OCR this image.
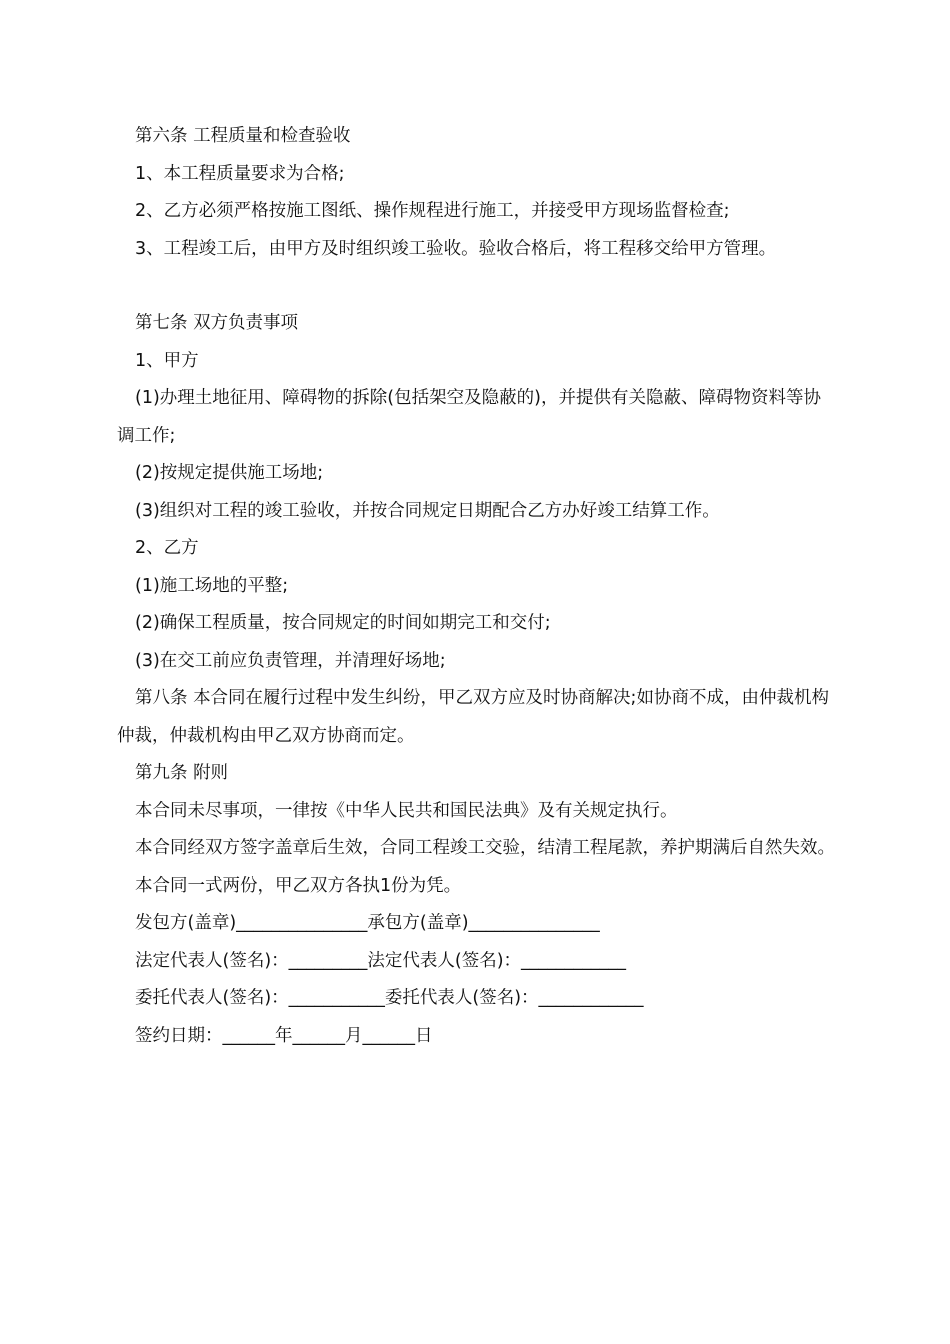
第六条 工程质量和检查验收

1、本工程质量要求为合格;

2、乙方必须严格按施工图纸、操作规程进行施工，并接受甲方现场监督检查;

3、工程竣工后，由甲方及时组织竣工验收。验收合格后，将工程移交给甲方管理。

第七条 双方负责事项

1、甲方

(1)办理土地征用、障碍物的拆除(包括架空及隐蔽的)，并提供有关隐蔽、障碍物资料等协调工作;

(2)按规定提供施工场地;

(3)组织对工程的竣工验收，并按合同规定日期配合乙方办好竣工结算工作。

2、乙方

(1)施工场地的平整;

(2)确保工程质量，按合同规定的时间如期完工和交付;

(3)在交工前应负责管理，并清理好场地;

第八条 本合同在履行过程中发生纠纷，甲乙双方应及时协商解决;如协商不成，由仲裁机构仲裁，仲裁机构由甲乙双方协商而定。

第九条 附则

本合同未尽事项，一律按《中华人民共和国民法典》及有关规定执行。

本合同经双方签字盖章后生效，合同工程竣工交验，结清工程尾款，养护期满后自然失效。

本合同一式两份，甲乙双方各执1份为凭。

发包方(盖章)_______________承包方(盖章)_______________

法定代表人(签名)：_________法定代表人(签名)：____________

委托代表人(签名)：___________委托代表人(签名)：____________

签约日期：______年______月______日
